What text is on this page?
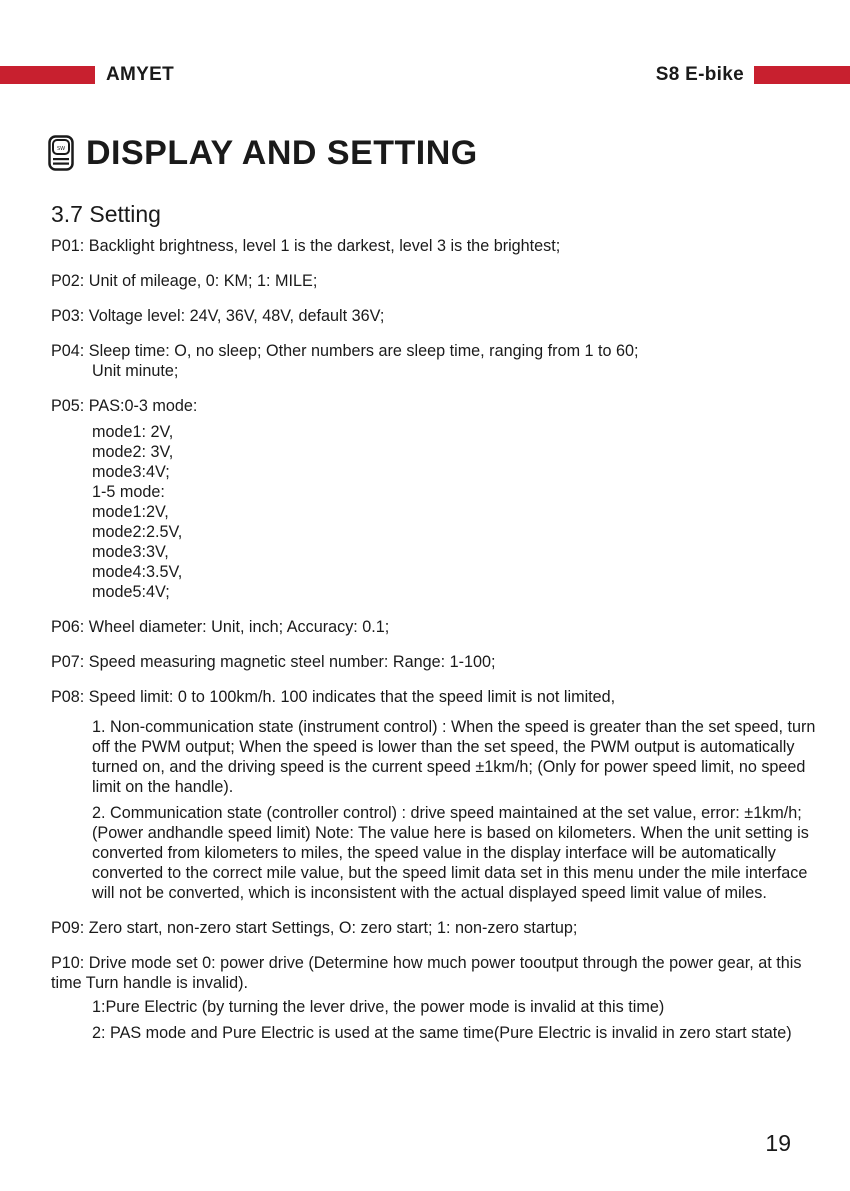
AMYET	S8 E-bike
SW DISPLAY AND SETTING
3.7 Setting

P01: Backlight brightness, level 1 is the darkest, level 3 is the brightest;

P02: Unit of mileage, 0: KM; 1: MILE;

P03: Voltage level: 24V, 36V, 48V, default 36V;

P04: Sleep time: O, no sleep; Other numbers are sleep time, ranging from 1 to 60;
Unit minute;
P05: PAS:0-3 mode:
mode1: 2V,
mode2: 3V,
mode3:4V;
1-5 mode:
mode1:2V,
mode2:2.5V,
mode3:3V,
mode4:3.5V,
mode5:4V;

P06: Wheel diameter: Unit, inch; Accuracy: 0.1;

P07: Speed measuring magnetic steel number: Range: 1-100;

P08: Speed limit: 0 to 100km/h. 100 indicates that the speed limit is not limited,

1. Non-communication state (instrument control) : When the speed is greater than the set speed, turn off the PWM output; When the speed is lower than the set speed, the PWM output is automatically turned on, and the driving speed is the current speed ±1km/h; (Only for power speed limit, no speed limit on the handle).

2. Communication state (controller control) : drive speed maintained at the set value, error: ±1km/h; (Power andhandle speed limit) Note: The value here is based on kilometers. When the unit setting is converted from kilometers to miles, the speed value in the display interface will be automatically converted to the correct mile value, but the speed limit data set in this menu under the mile interface will not be converted, which is inconsistent with the actual displayed speed limit value of miles.

P09: Zero start, non-zero start Settings, O: zero start; 1: non-zero startup;

P10: Drive mode set 0: power drive (Determine how much power tooutput through the power gear, at this time Turn handle is invalid).

1:Pure Electric (by turning the lever drive, the power mode is invalid at this time)

2: PAS mode and Pure Electric is used at the same time(Pure Electric is invalid in zero start state)

19
